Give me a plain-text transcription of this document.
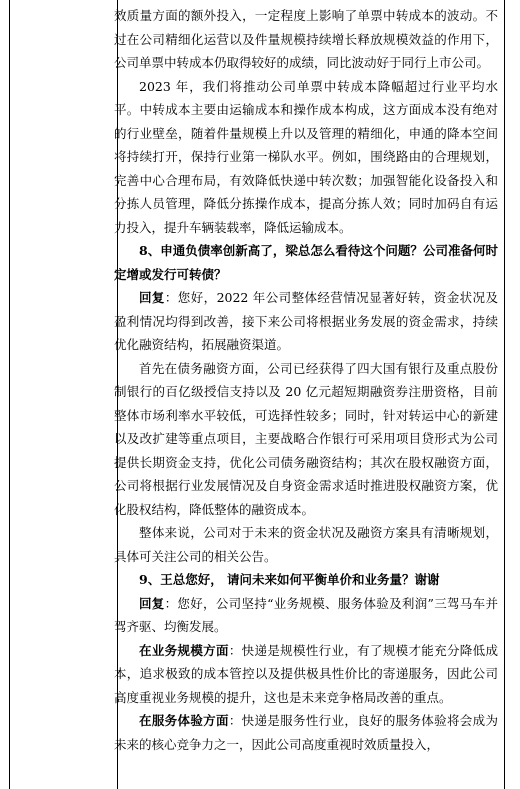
效质量方面的额外投入，一定程度上影响了单票中转成本的波动。不过在公司精细化运营以及件量规模持续增长释放规模效益的作用下，公司单票中转成本仍取得较好的成绩，同比波动好于同行上市公司。

2023 年，我们将推动公司单票中转成本降幅超过行业平均水平。中转成本主要由运输成本和操作成本构成，这方面成本没有绝对的行业壁垒，随着件量规模上升以及管理的精细化，申通的降本空间将持续打开，保持行业第一梯队水平。例如，围绕路由的合理规划，完善中心合理布局，有效降低快递中转次数；加强智能化设备投入和分拣人员管理，降低分拣操作成本，提高分拣人效；同时加码自有运力投入，提升车辆装载率，降低运输成本。

8、申通负债率创新高了，梁总怎么看待这个问题？公司准备何时定增或发行可转债？

回复：您好，2022 年公司整体经营情况显著好转，资金状况及盈利情况均得到改善，接下来公司将根据业务发展的资金需求，持续优化融资结构，拓展融资渠道。

首先在债务融资方面，公司已经获得了四大国有银行及重点股份制银行的百亿级授信支持以及 20 亿元超短期融资券注册资格，目前整体市场利率水平较低，可选择性较多；同时，针对转运中心的新建以及改扩建等重点项目，主要战略合作银行可采用项目贷形式为公司提供长期资金支持，优化公司债务融资结构；其次在股权融资方面，公司将根据行业发展情况及自身资金需求适时推进股权融资方案，优化股权结构，降低整体的融资成本。

整体来说，公司对于未来的资金状况及融资方案具有清晰规划，具体可关注公司的相关公告。

9、王总您好， 请问未来如何平衡单价和业务量？谢谢

回复：您好，公司坚持“业务规模、服务体验及利润”三驾马车并驾齐驱、均衡发展。

在业务规模方面：快递是规模性行业，有了规模才能充分降低成本，追求极致的成本管控以及提供极具性价比的寄递服务，因此公司高度重视业务规模的提升，这也是未来竞争格局改善的重点。

在服务体验方面：快递是服务性行业，良好的服务体验将会成为未来的核心竞争力之一，因此公司高度重视时效质量投入，
